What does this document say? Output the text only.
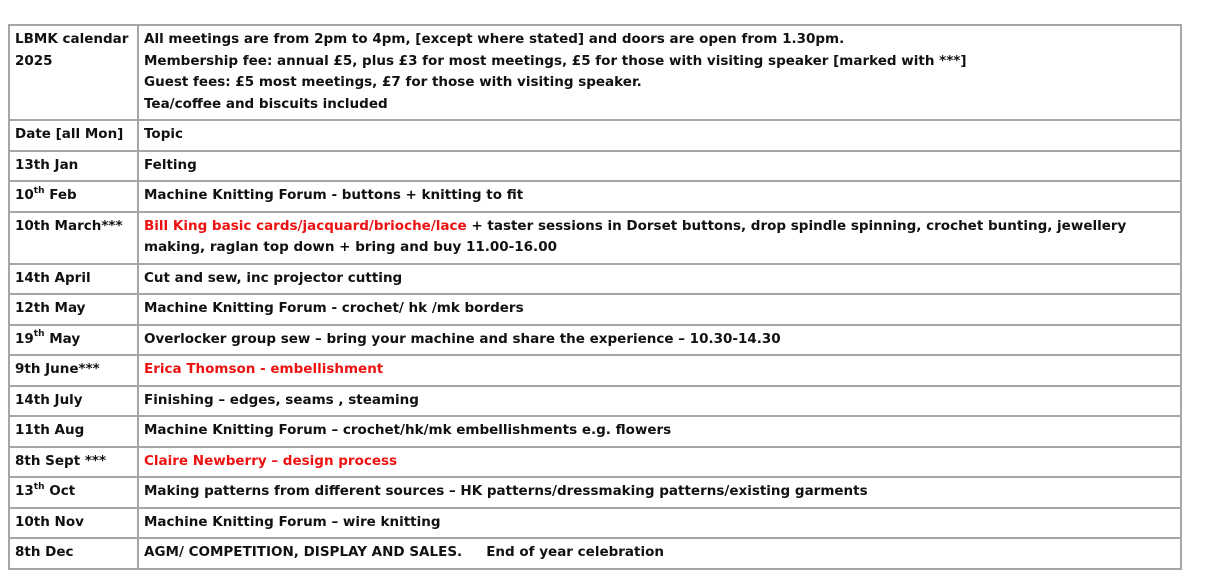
LBMK calendar
2025	All meetings are from 2pm to 4pm, [except where stated] and doors are open from 1.30pm.
Membership fee: annual £5, plus £3 for most meetings, £5 for those with visiting speaker [marked with ***]
Guest fees: £5 most meetings, £7 for those with visiting speaker.
Tea/coffee and biscuits included
Date [all Mon]	Topic
13th Jan	Felting
10th Feb	Machine Knitting Forum - buttons + knitting to fit
10th March***	Bill King basic cards/jacquard/brioche/lace + taster sessions in Dorset buttons, drop spindle spinning, crochet bunting, jewellery making, raglan top down + bring and buy 11.00-16.00
14th April	Cut and sew, inc projector cutting
12th May	Machine Knitting Forum - crochet/ hk /mk borders
19th May	Overlocker group sew – bring your machine and share the experience – 10.30-14.30
9th June***	Erica Thomson - embellishment
14th July	Finishing – edges, seams , steaming
11th Aug	Machine Knitting Forum – crochet/hk/mk embellishments e.g. flowers
8th Sept ***	Claire Newberry – design process
13th Oct	Making patterns from different sources – HK patterns/dressmaking patterns/existing garments
10th Nov	Machine Knitting Forum – wire knitting
8th Dec	AGM/ COMPETITION, DISPLAY AND SALES. End of year celebration
